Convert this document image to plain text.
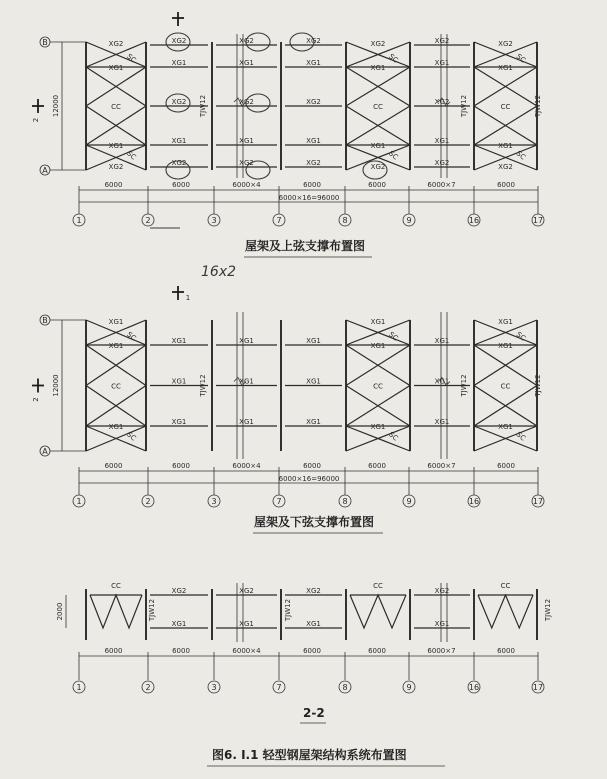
B
A
12000
2
XG2
XG1
CC
XG1
XG2
SC
SC
XG1
XG2
XG1
XG2
XG2
XG1
XG2
XG1
XG2
XG2
XG1
XG2
XG1
XG2
XG2
XG2
XG1
CC
XG1
XG2
SC
SC
XG1
XG2
XG1
XG2
XG2
XG2
XG1
CC
XG1
XG2
SC
SC
TJW12	TJW12	TJW12
6000	6000	6000×4	6000	6000	6000×7	6000
6000×16=96000
1	2	3	7	8	9	16	17
1
B
A
12000
2
XG1
XG1
CC
XG1
SC
SC
XG1
XG1
XG1
XG1
XG1
XG1
XG1
XG1
XG1
XG1
XG1
CC
XG1
SC
SC
XG1
XG1
XG1
XG1
XG1
CC
XG1
SC
SC
TJW12	TJW12	TJW12
6000	6000	6000×4	6000	6000	6000×7	6000
6000×16=96000
1	2	3	7	8	9	16	17
2000
CC	CC	CC
XG2
XG1
XG2
XG1
XG2
XG1
XG2
XG1
TJW12	TJW12	TJW12
6000	6000	6000×4	6000	6000	6000×7	6000
1	2	3	7	8	9	16	17
屋架及上弦支撑布置图
屋架及下弦支撑布置图
2-2
图6. I.1 轻型钢屋架结构系统布置图
16x2
